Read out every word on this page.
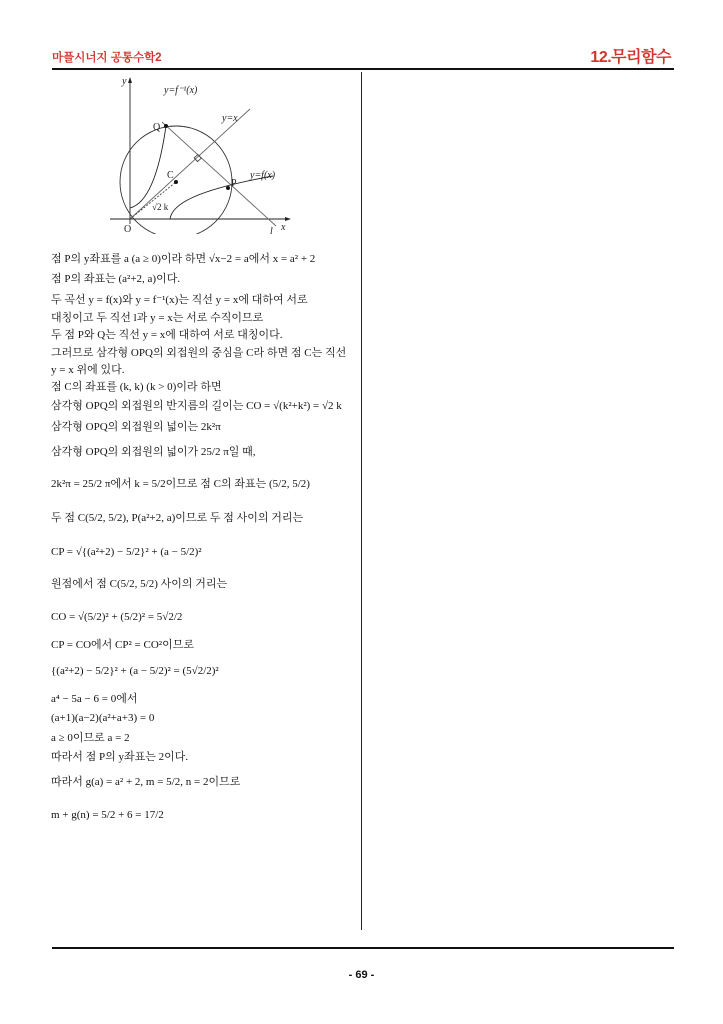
마플시너지 공통수학2	12.무리함수
y
x
y=f⁻¹(x)
y=x
y=f(x)
Q
C
P
O
√2 k
l
점 P의 y좌표를 a (a ≥ 0)이라 하면 √x−2 = a에서 x = a² + 2
점 P의 좌표는 (a²+2, a)이다.
두 곡선 y = f(x)와 y = f⁻¹(x)는 직선 y = x에 대하여 서로
대칭이고 두 직선 l과 y = x는 서로 수직이므로
두 점 P와 Q는 직선 y = x에 대하여 서로 대칭이다.
그러므로 삼각형 OPQ의 외접원의 중심을 C라 하면 점 C는 직선
y = x 위에 있다.
점 C의 좌표를 (k, k) (k > 0)이라 하면
삼각형 OPQ의 외접원의 반지름의 길이는 CO = √(k²+k²) = √2 k
삼각형 OPQ의 외접원의 넓이는 2k²π
삼각형 OPQ의 외접원의 넓이가 25/2 π일 때,
2k²π = 25/2 π에서 k = 5/2이므로 점 C의 좌표는 (5/2, 5/2)
두 점 C(5/2, 5/2), P(a²+2, a)이므로 두 점 사이의 거리는
CP = √{(a²+2) − 5/2}² + (a − 5/2)²
원점에서 점 C(5/2, 5/2) 사이의 거리는
CO = √(5/2)² + (5/2)² = 5√2/2
CP = CO에서 CP² = CO²이므로
{(a²+2) − 5/2}² + (a − 5/2)² = (5√2/2)²
a⁴ − 5a − 6 = 0에서
(a+1)(a−2)(a²+a+3) = 0
a ≥ 0이므로 a = 2
따라서 점 P의 y좌표는 2이다.
따라서 g(a) = a² + 2, m = 5/2, n = 2이므로
m + g(n) = 5/2 + 6 = 17/2
- 69 -
